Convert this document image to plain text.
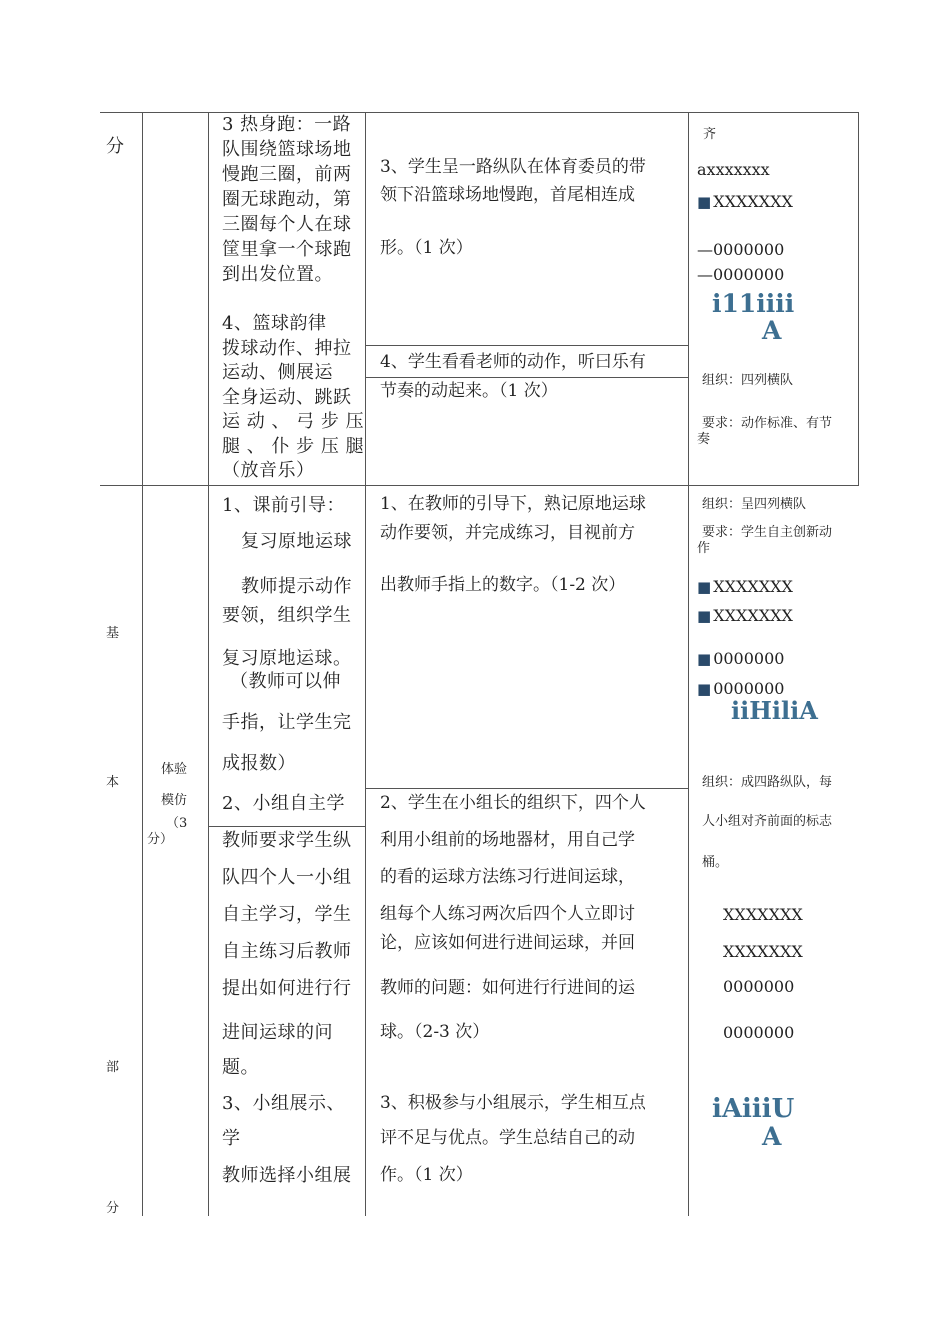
分
基
本
部
分
体验
模仿
（3
分）
3 热身跑：一路
队围绕篮球场地
慢跑三圈，前两
圈无球跑动，第
三圈每个人在球
筐里拿一个球跑
到出发位置。
4、篮球韵律
拨球动作、抻拉
运动、侧展运
全身运动、跳跃
运 动 、 弓 步 压
腿 、 仆 步 压 腿
（放音乐）
1、课前引导：
复习原地运球
教师提示动作
要领，组织学生
复习原地运球。
（教师可以伸
手指，让学生完
成报数）
2、小组自主学
教师要求学生纵
队四个人一小组
自主学习，学生
自主练习后教师
提出如何进行行
进间运球的问
题。
3、小组展示、
学
教师选择小组展
3、学生呈一路纵队在体育委员的带
领下沿篮球场地慢跑，首尾相连成
形。（1 次）
4、学生看看老师的动作，听曰乐有
节奏的动起来。（1 次）
1、在教师的引导下，熟记原地运球
动作要领，并完成练习，目视前方
出教师手指上的数字。（1-2 次）
2、学生在小组长的组织下，四个人
利用小组前的场地器材，用自己学
的看的运球方法练习行进间运球，
组每个人练习两次后四个人立即讨
论，应该如何进行进间运球，并回
教师的问题：如何进行行进间的运
球。（2-3 次）
3、积极参与小组展示，学生相互点
评不足与优点。学生总结自己的动
作。（1 次）
齐
axxxxxxx
■ XXXXXXX
—0000000
—0000000
i11iiii
A
组织：四列横队
要求：动作标准、有节
奏
组织：呈四列横队
要求：学生自主创新动
作
■ XXXXXXX
■ XXXXXXX
■ 0000000
■ 0000000
iiHiliA
组织：成四路纵队，每
人小组对齐前面的标志
桶。
XXXXXXX
XXXXXXX
0000000
0000000
iAiiiU
A
